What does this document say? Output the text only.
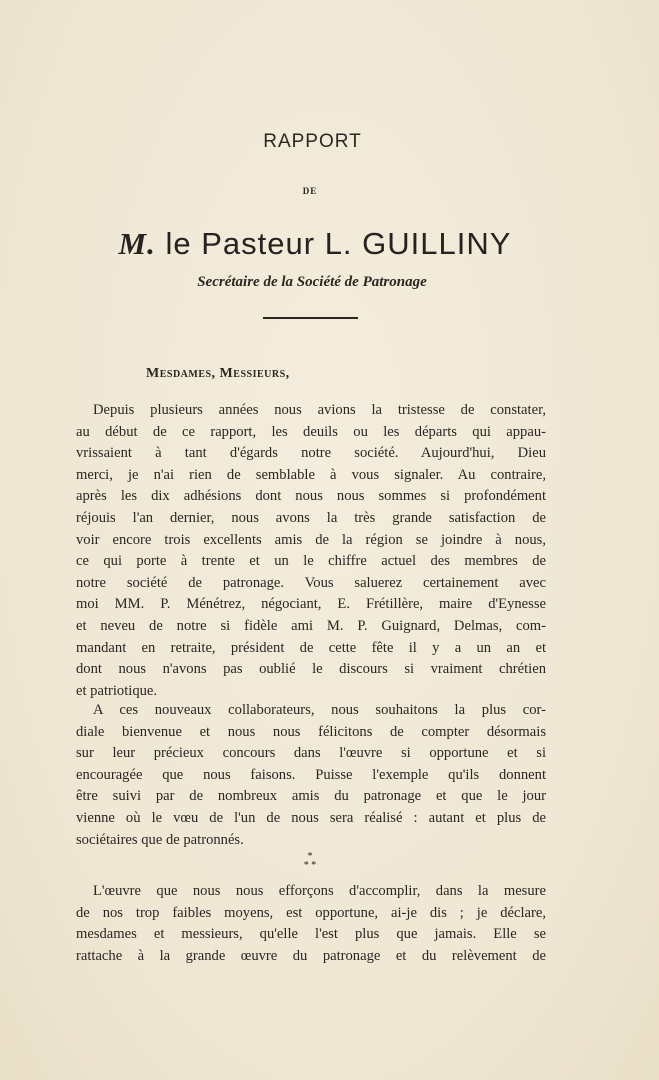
RAPPORT
DE
M. le Pasteur L. GUILLINY
Secrétaire de la Société de Patronage
Mesdames, Messieurs,
Depuis plusieurs années nous avions la tristesse de constater,
au début de ce rapport, les deuils ou les départs qui appau-
vrissaient à tant d'égards notre société. Aujourd'hui, Dieu
merci, je n'ai rien de semblable à vous signaler. Au contraire,
après les dix adhésions dont nous nous sommes si profondément
réjouis l'an dernier, nous avons la très grande satisfaction de
voir encore trois excellents amis de la région se joindre à nous,
ce qui porte à trente et un le chiffre actuel des membres de
notre société de patronage. Vous saluerez certainement avec
moi MM. P. Ménétrez, négociant, E. Frétillère, maire d'Eynesse
et neveu de notre si fidèle ami M. P. Guignard, Delmas, com-
mandant en retraite, président de cette fête il y a un an et
dont nous n'avons pas oublié le discours si vraiment chrétien
et patriotique.
A ces nouveaux collaborateurs, nous souhaitons la plus cor-
diale bienvenue et nous nous félicitons de compter désormais
sur leur précieux concours dans l'œuvre si opportune et si
encouragée que nous faisons. Puisse l'exemple qu'ils donnent
être suivi par de nombreux amis du patronage et que le jour
vienne où le vœu de l'un de nous sera réalisé : autant et plus de
sociétaires que de patronnés.
*
* *
L'œuvre que nous nous efforçons d'accomplir, dans la mesure
de nos trop faibles moyens, est opportune, ai-je dis ; je déclare,
mesdames et messieurs, qu'elle l'est plus que jamais. Elle se
rattache à la grande œuvre du patronage et du relèvement de
